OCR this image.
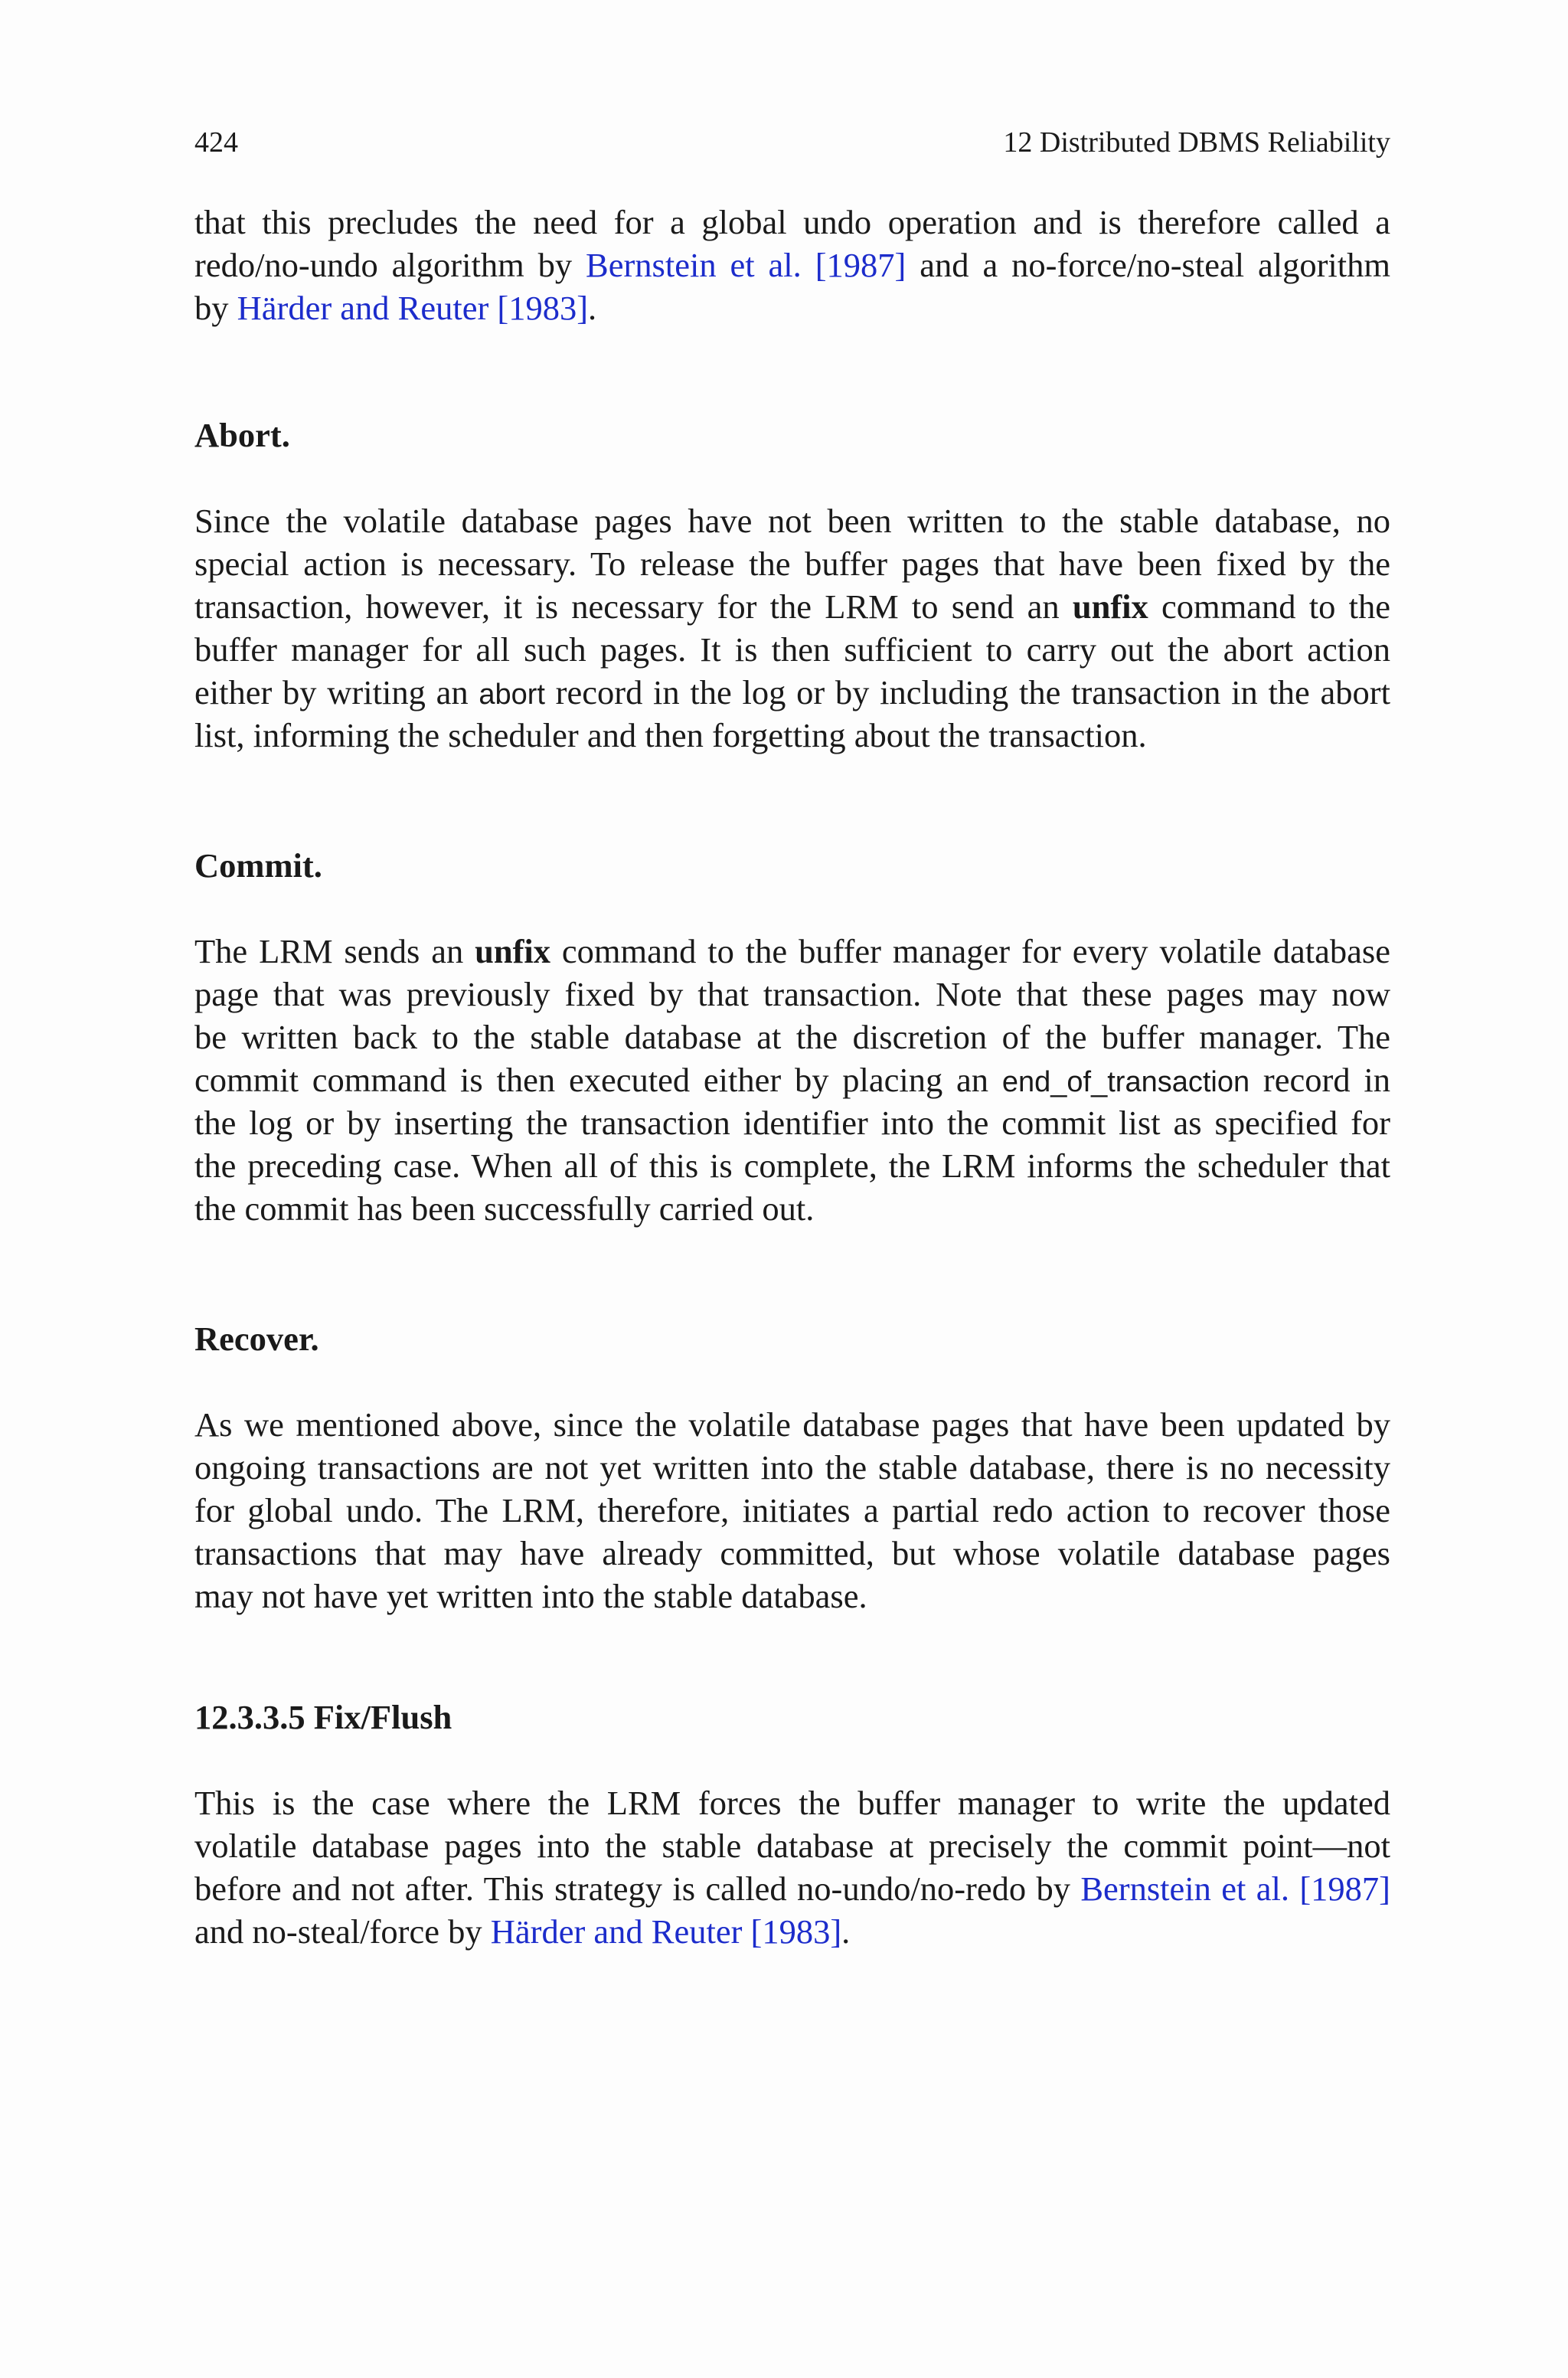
424	12 Distributed DBMS Reliability
that this precludes the need for a global undo operation and is therefore called a
redo/no-undo algorithm by Bernstein et al. [1987] and a no-force/no-steal algorithm
by Härder and Reuter [1983].
Abort.
Since the volatile database pages have not been written to the stable database, no
special action is necessary. To release the buffer pages that have been fixed by the
transaction, however, it is necessary for the LRM to send an unfix command to the
buffer manager for all such pages. It is then sufficient to carry out the abort action
either by writing an abort record in the log or by including the transaction in the abort
list, informing the scheduler and then forgetting about the transaction.
Commit.
The LRM sends an unfix command to the buffer manager for every volatile database
page that was previously fixed by that transaction. Note that these pages may now
be written back to the stable database at the discretion of the buffer manager. The
commit command is then executed either by placing an end_of_transaction record in
the log or by inserting the transaction identifier into the commit list as specified for
the preceding case. When all of this is complete, the LRM informs the scheduler that
the commit has been successfully carried out.
Recover.
As we mentioned above, since the volatile database pages that have been updated by
ongoing transactions are not yet written into the stable database, there is no necessity
for global undo. The LRM, therefore, initiates a partial redo action to recover those
transactions that may have already committed, but whose volatile database pages
may not have yet written into the stable database.
12.3.3.5 Fix/Flush
This is the case where the LRM forces the buffer manager to write the updated
volatile database pages into the stable database at precisely the commit point—not
before and not after. This strategy is called no-undo/no-redo by Bernstein et al. [1987]
and no-steal/force by Härder and Reuter [1983].
